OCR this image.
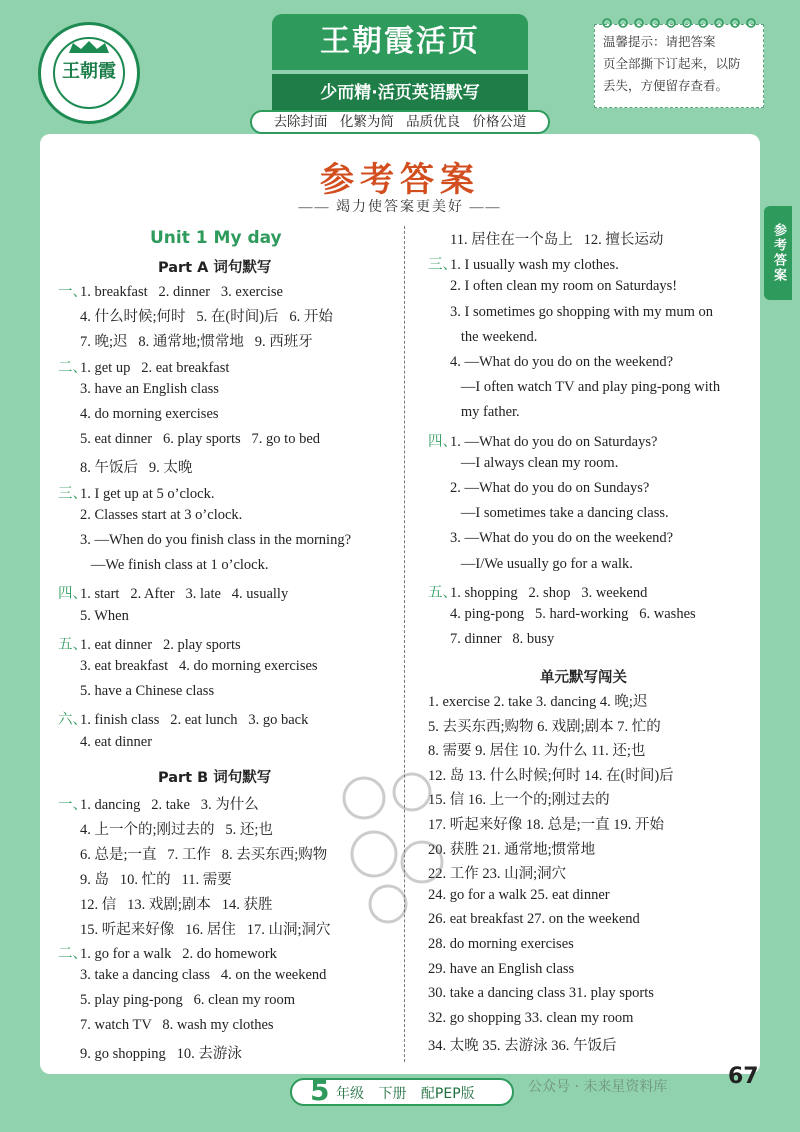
王朝霞
王朝霞活页
少而精·活页英语默写
温馨提示：请把答案
页全部撕下订起来，以防
丢失，方便留存查看。
去除封面 化繁为简 品质优良 价格公道
参考答案
—— 竭力使答案更美好 ——
参考答案
Unit 1 My day
Part A 词句默写
Part B 词句默写
单元默写闯关
一、1. breakfast   2. dinner   3. exercise
4. 什么时候;何时   5. 在(时间)后   6. 开始
7. 晚;迟   8. 通常地;惯常地   9. 西班牙
二、1. get up   2. eat breakfast
3. have an English class
4. do morning exercises
5. eat dinner   6. play sports   7. go to bed
8. 午饭后   9. 太晚
三、1. I get up at 5 o’clock.
2. Classes start at 3 o’clock.
3. —When do you finish class in the morning?
—We finish class at 1 o’clock.
四、1. start   2. After   3. late   4. usually
5. When
五、1. eat dinner   2. play sports
3. eat breakfast   4. do morning exercises
5. have a Chinese class
六、1. finish class   2. eat lunch   3. go back
4. eat dinner
一、1. dancing   2. take   3. 为什么
4. 上一个的;刚过去的   5. 还;也
6. 总是;一直   7. 工作   8. 去买东西;购物
9. 岛   10. 忙的   11. 需要
12. 信   13. 戏剧;剧本   14. 获胜
15. 听起来好像   16. 居住   17. 山洞;洞穴
二、1. go for a walk   2. do homework
3. take a dancing class   4. on the weekend
5. play ping-pong   6. clean my room
7. watch TV   8. wash my clothes
9. go shopping   10. 去游泳
11. 居住在一个岛上   12. 擅长运动
三、1. I usually wash my clothes.
2. I often clean my room on Saturdays!
3. I sometimes go shopping with my mum on
the weekend.
4. —What do you do on the weekend?
—I often watch TV and play ping-pong with
my father.
四、1. —What do you do on Saturdays?
—I always clean my room.
2. —What do you do on Sundays?
—I sometimes take a dancing class.
3. —What do you do on the weekend?
—I/We usually go for a walk.
五、1. shopping   2. shop   3. weekend
4. ping-pong   5. hard-working   6. washes
7. dinner   8. busy
1. exercise 2. take 3. dancing 4. 晚;迟
5. 去买东西;购物 6. 戏剧;剧本 7. 忙的
8. 需要 9. 居住 10. 为什么 11. 还;也
12. 岛 13. 什么时候;何时 14. 在(时间)后
15. 信 16. 上一个的;刚过去的
17. 听起来好像 18. 总是;一直 19. 开始
20. 获胜 21. 通常地;惯常地
22. 工作 23. 山洞;洞穴
24. go for a walk 25. eat dinner
26. eat breakfast 27. on the weekend
28. do morning exercises
29. have an English class
30. take a dancing class 31. play sports
32. go shopping 33. clean my room
34. 太晚 35. 去游泳 36. 午饭后
5 年级 下册 配PEP版	公众号 · 未来星资料库	67
